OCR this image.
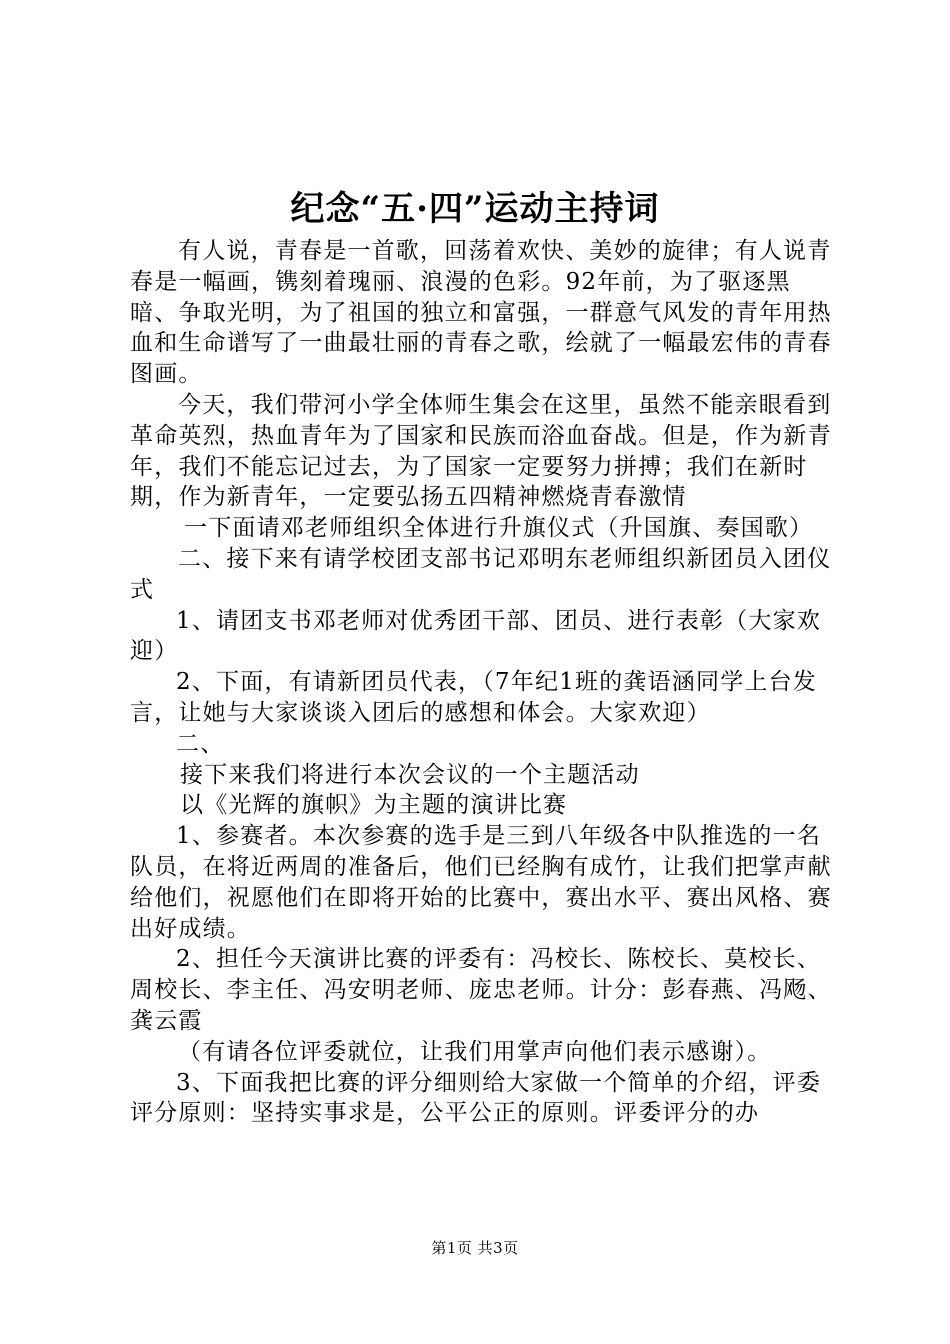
纪念“五·四”运动主持词

有人说，青春是一首歌，回荡着欢快、美妙的旋律；有人说青春是一幅画，镌刻着瑰丽、浪漫的色彩。92年前，为了驱逐黑暗、争取光明，为了祖国的独立和富强，一群意气风发的青年用热血和生命谱写了一曲最壮丽的青春之歌，绘就了一幅最宏伟的青春图画。

今天，我们带河小学全体师生集会在这里，虽然不能亲眼看到革命英烈，热血青年为了国家和民族而浴血奋战。但是，作为新青年，我们不能忘记过去，为了国家一定要努力拼搏；我们在新时期，作为新青年，一定要弘扬五四精神燃烧青春激情

一下面请邓老师组织全体进行升旗仪式（升国旗、奏国歌）

二、接下来有请学校团支部书记邓明东老师组织新团员入团仪式

1、请团支书邓老师对优秀团干部、团员、进行表彰（大家欢迎）

2、下面，有请新团员代表，（7年纪1班的龚语涵同学上台发言，让她与大家谈谈入团后的感想和体会。大家欢迎）

二、

接下来我们将进行本次会议的一个主题活动

以《光辉的旗帜》为主题的演讲比赛

1、参赛者。本次参赛的选手是三到八年级各中队推选的一名队员，在将近两周的准备后，他们已经胸有成竹，让我们把掌声献给他们，祝愿他们在即将开始的比赛中，赛出水平、赛出风格、赛出好成绩。

2、担任今天演讲比赛的评委有：冯校长、陈校长、莫校长、周校长、李主任、冯安明老师、庞忠老师。计分：彭春燕、冯飏、龚云霞

（有请各位评委就位，让我们用掌声向他们表示感谢）。

3、下面我把比赛的评分细则给大家做一个简单的介绍，评委评分原则：坚持实事求是，公平公正的原则。评委评分的办

第1页 共3页
